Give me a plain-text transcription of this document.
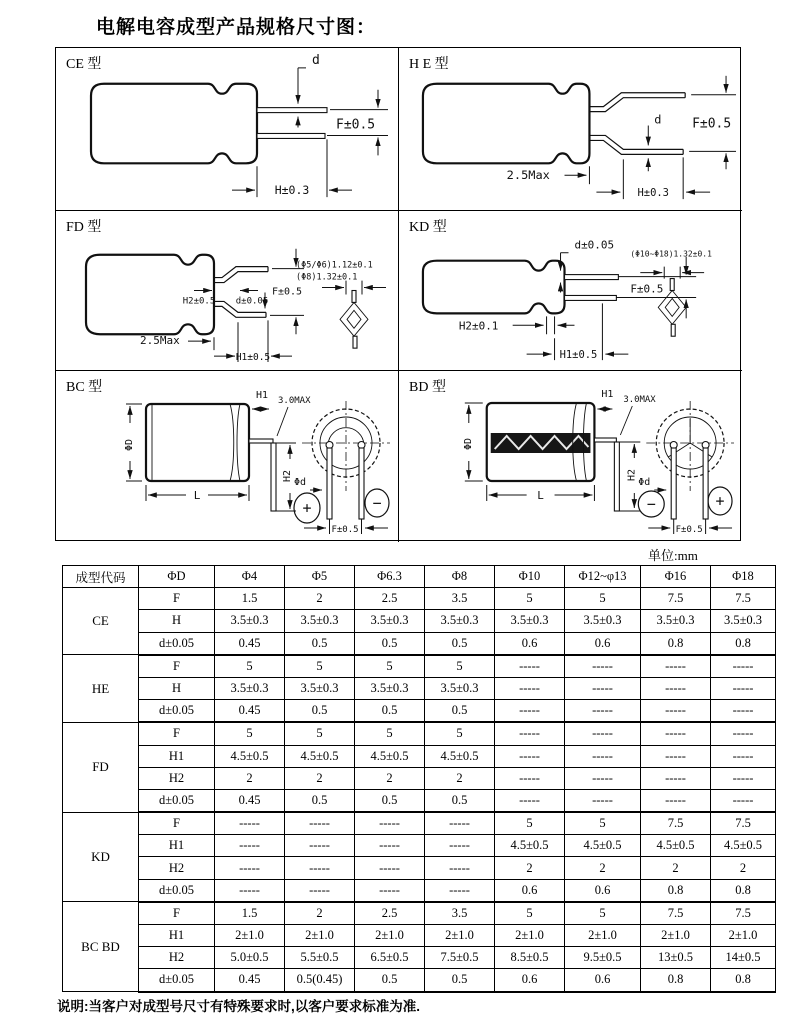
电解电容成型产品规格尺寸图：
CE 型	d
F±0.5
H±0.3
H E 型
F±0.5
d
2.5Max
H±0.3
FD 型
H2±0.5 d±0.05
F±0.5
2.5Max
H1±0.5
(Φ5/Φ6)1.12±0.1
(Φ8)1.32±0.1
KD 型
d±0.05
F±0.5
H2±0.1
H1±0.5
(Φ10~Φ18)1.32±0.1
BC 型
+	−
ΦD
L
H1 3.0MAX
H2
Φd
F±0.5
BD 型
−	+
ΦD
L
H1 3.0MAX
H2
Φd
F±0.5
单位:mm
成型代码	ΦD	Φ4	Φ5	Φ6.3	Φ8	Φ10	Φ12~φ13	Φ16	Φ18
CE	F	1.5	2	2.5	3.5	5	5	7.5	7.5
	H	3.5±0.3	3.5±0.3	3.5±0.3	3.5±0.3	3.5±0.3	3.5±0.3	3.5±0.3	3.5±0.3
	d±0.05	0.45	0.5	0.5	0.5	0.6	0.6	0.8	0.8
HE	F	5	5	5	5	-----	-----	-----	-----
	H	3.5±0.3	3.5±0.3	3.5±0.3	3.5±0.3	-----	-----	-----	-----
	d±0.05	0.45	0.5	0.5	0.5	-----	-----	-----	-----
FD	F	5	5	5	5	-----	-----	-----	-----
	H1	4.5±0.5	4.5±0.5	4.5±0.5	4.5±0.5	-----	-----	-----	-----
	H2	2	2	2	2	-----	-----	-----	-----
	d±0.05	0.45	0.5	0.5	0.5	-----	-----	-----	-----
KD	F	-----	-----	-----	-----	5	5	7.5	7.5
	H1	-----	-----	-----	-----	4.5±0.5	4.5±0.5	4.5±0.5	4.5±0.5
	H2	-----	-----	-----	-----	2	2	2	2
	d±0.05	-----	-----	-----	-----	0.6	0.6	0.8	0.8
BC BD	F	1.5	2	2.5	3.5	5	5	7.5	7.5
	H1	2±1.0	2±1.0	2±1.0	2±1.0	2±1.0	2±1.0	2±1.0	2±1.0
	H2	5.0±0.5	5.5±0.5	6.5±0.5	7.5±0.5	8.5±0.5	9.5±0.5	13±0.5	14±0.5
	d±0.05	0.45	0.5(0.45)	0.5	0.5	0.6	0.6	0.8	0.8
说明:当客户对成型号尺寸有特殊要求时,以客户要求标准为准.
